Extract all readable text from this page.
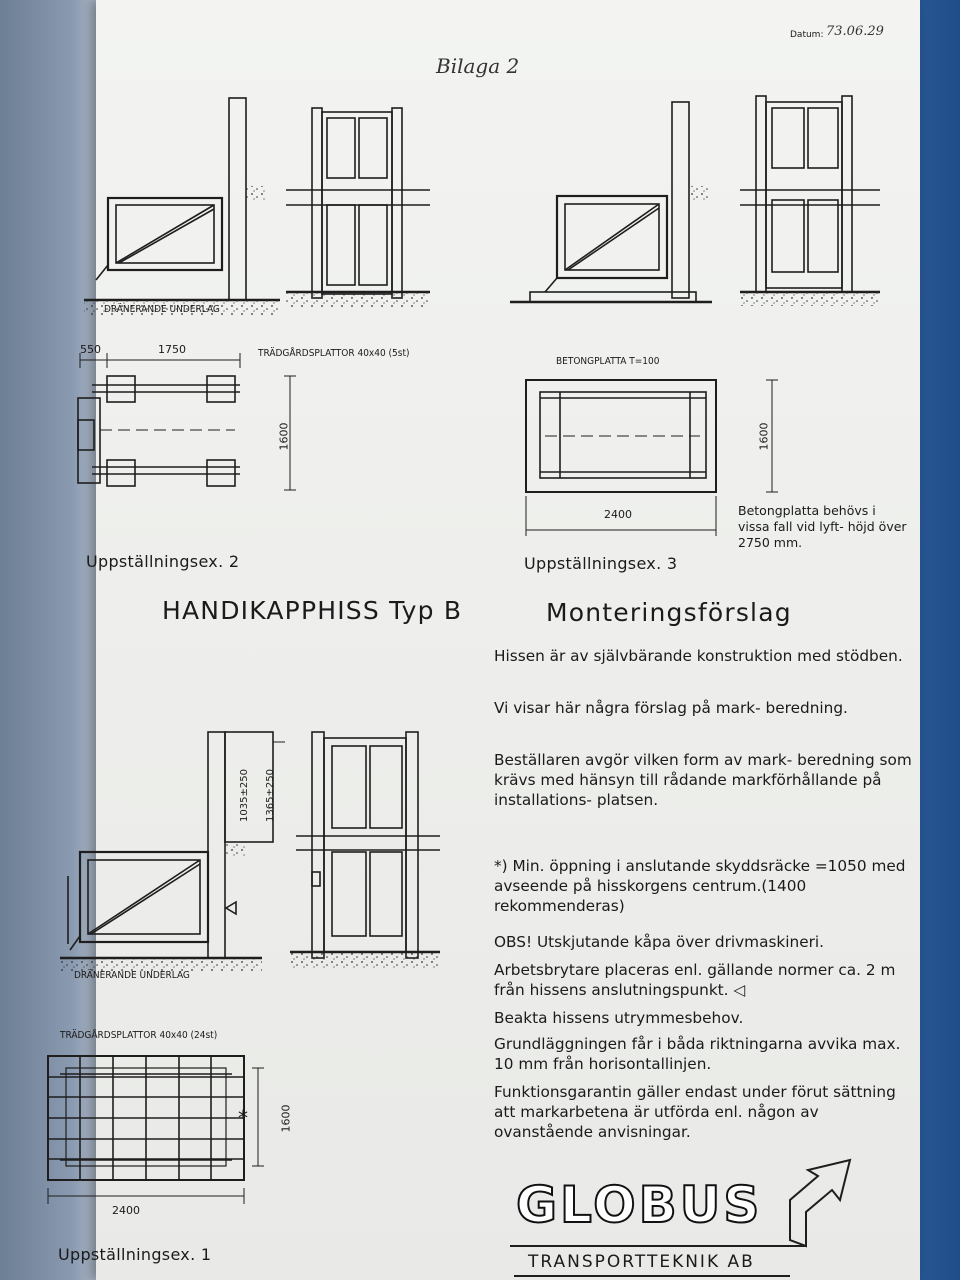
Datum: 73.06.29
Bilaga 2
DRÄNERANDE UNDERLAG
TRÄDGÅRDSPLATTOR 40x40 (5st)
550	1750
1600
Uppställningsex. 2
BETONGPLATTA T=100
2400
1600
Betongplatta behövs i vissa fall vid lyft- höjd över 2750 mm.
Uppställningsex. 3
HANDIKAPPHISS Typ B	Monteringsförslag
1035±250 1365±250
DRÄNERANDE UNDERLAG
TRÄDGÅRDSPLATTOR 40x40 (24st)
*	1600
2400
Uppställningsex. 1
Hissen är av självbärande konstruktion med stödben.
Vi visar här några förslag på mark- beredning.
Beställaren avgör vilken form av mark- beredning som krävs med hänsyn till rådande markförhållande på installations- platsen.
*) Min. öppning i anslutande skyddsräcke =1050 med avseende på hisskorgens centrum.(1400 rekommenderas)
OBS! Utskjutande kåpa över drivmaskineri.
Arbetsbrytare placeras enl. gällande normer ca. 2 m från hissens anslutningspunkt. ◁
Beakta hissens utrymmesbehov.
Grundläggningen får i båda riktningarna avvika max. 10 mm från horisontallinjen.
Funktionsgarantin gäller endast under förut sättning att markarbetena är utförda enl. någon av ovanstående anvisningar.
GLOBUS
TRANSPORTTEKNIK AB
